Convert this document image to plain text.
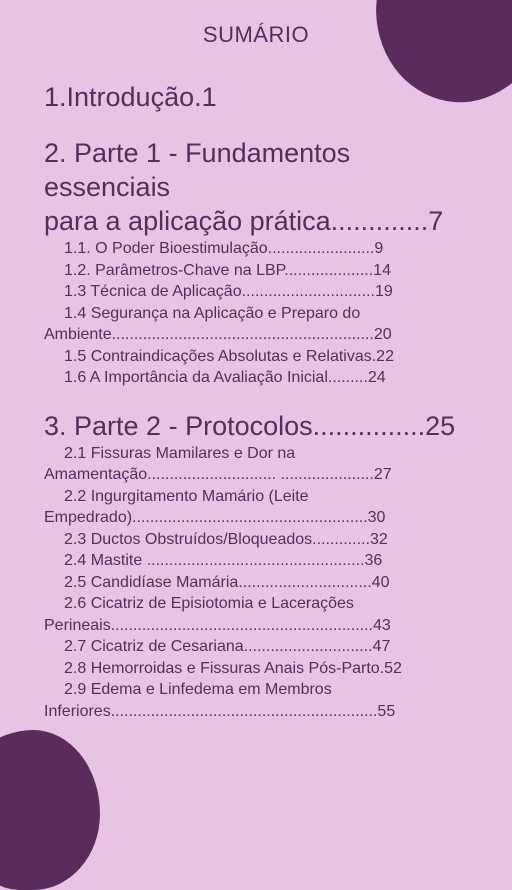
SUMÁRIO

1.Introdução.1

2. Parte 1 - Fundamentos essenciais

para a aplicação prática.............7

1.1. O Poder Bioestimulação........................9

1.2. Parâmetros-Chave na LBP....................14

1.3 Técnica de Aplicação..............................19

1.4 Segurança na Aplicação e Preparo do

Ambiente...........................................................20

1.5 Contraindicações Absolutas e Relativas.22

1.6 A Importância da Avaliação Inicial.........24

3. Parte 2 - Protocolos...............25

2.1 Fissuras Mamilares e Dor na

Amamentação............................. .....................27

2.2 Ingurgitamento Mamário (Leite

Empedrado).....................................................30

2.3 Ductos Obstruídos/Bloqueados.............32

2.4 Mastite .................................................36

2.5 Candidíase Mamária..............................40

2.6 Cicatriz de Episiotomia e Lacerações

Perineais...........................................................43

2.7 Cicatriz de Cesariana.............................47

2.8 Hemorroidas e Fissuras Anais Pós-Parto.52

2.9 Edema e Linfedema em Membros

Inferiores............................................................55
